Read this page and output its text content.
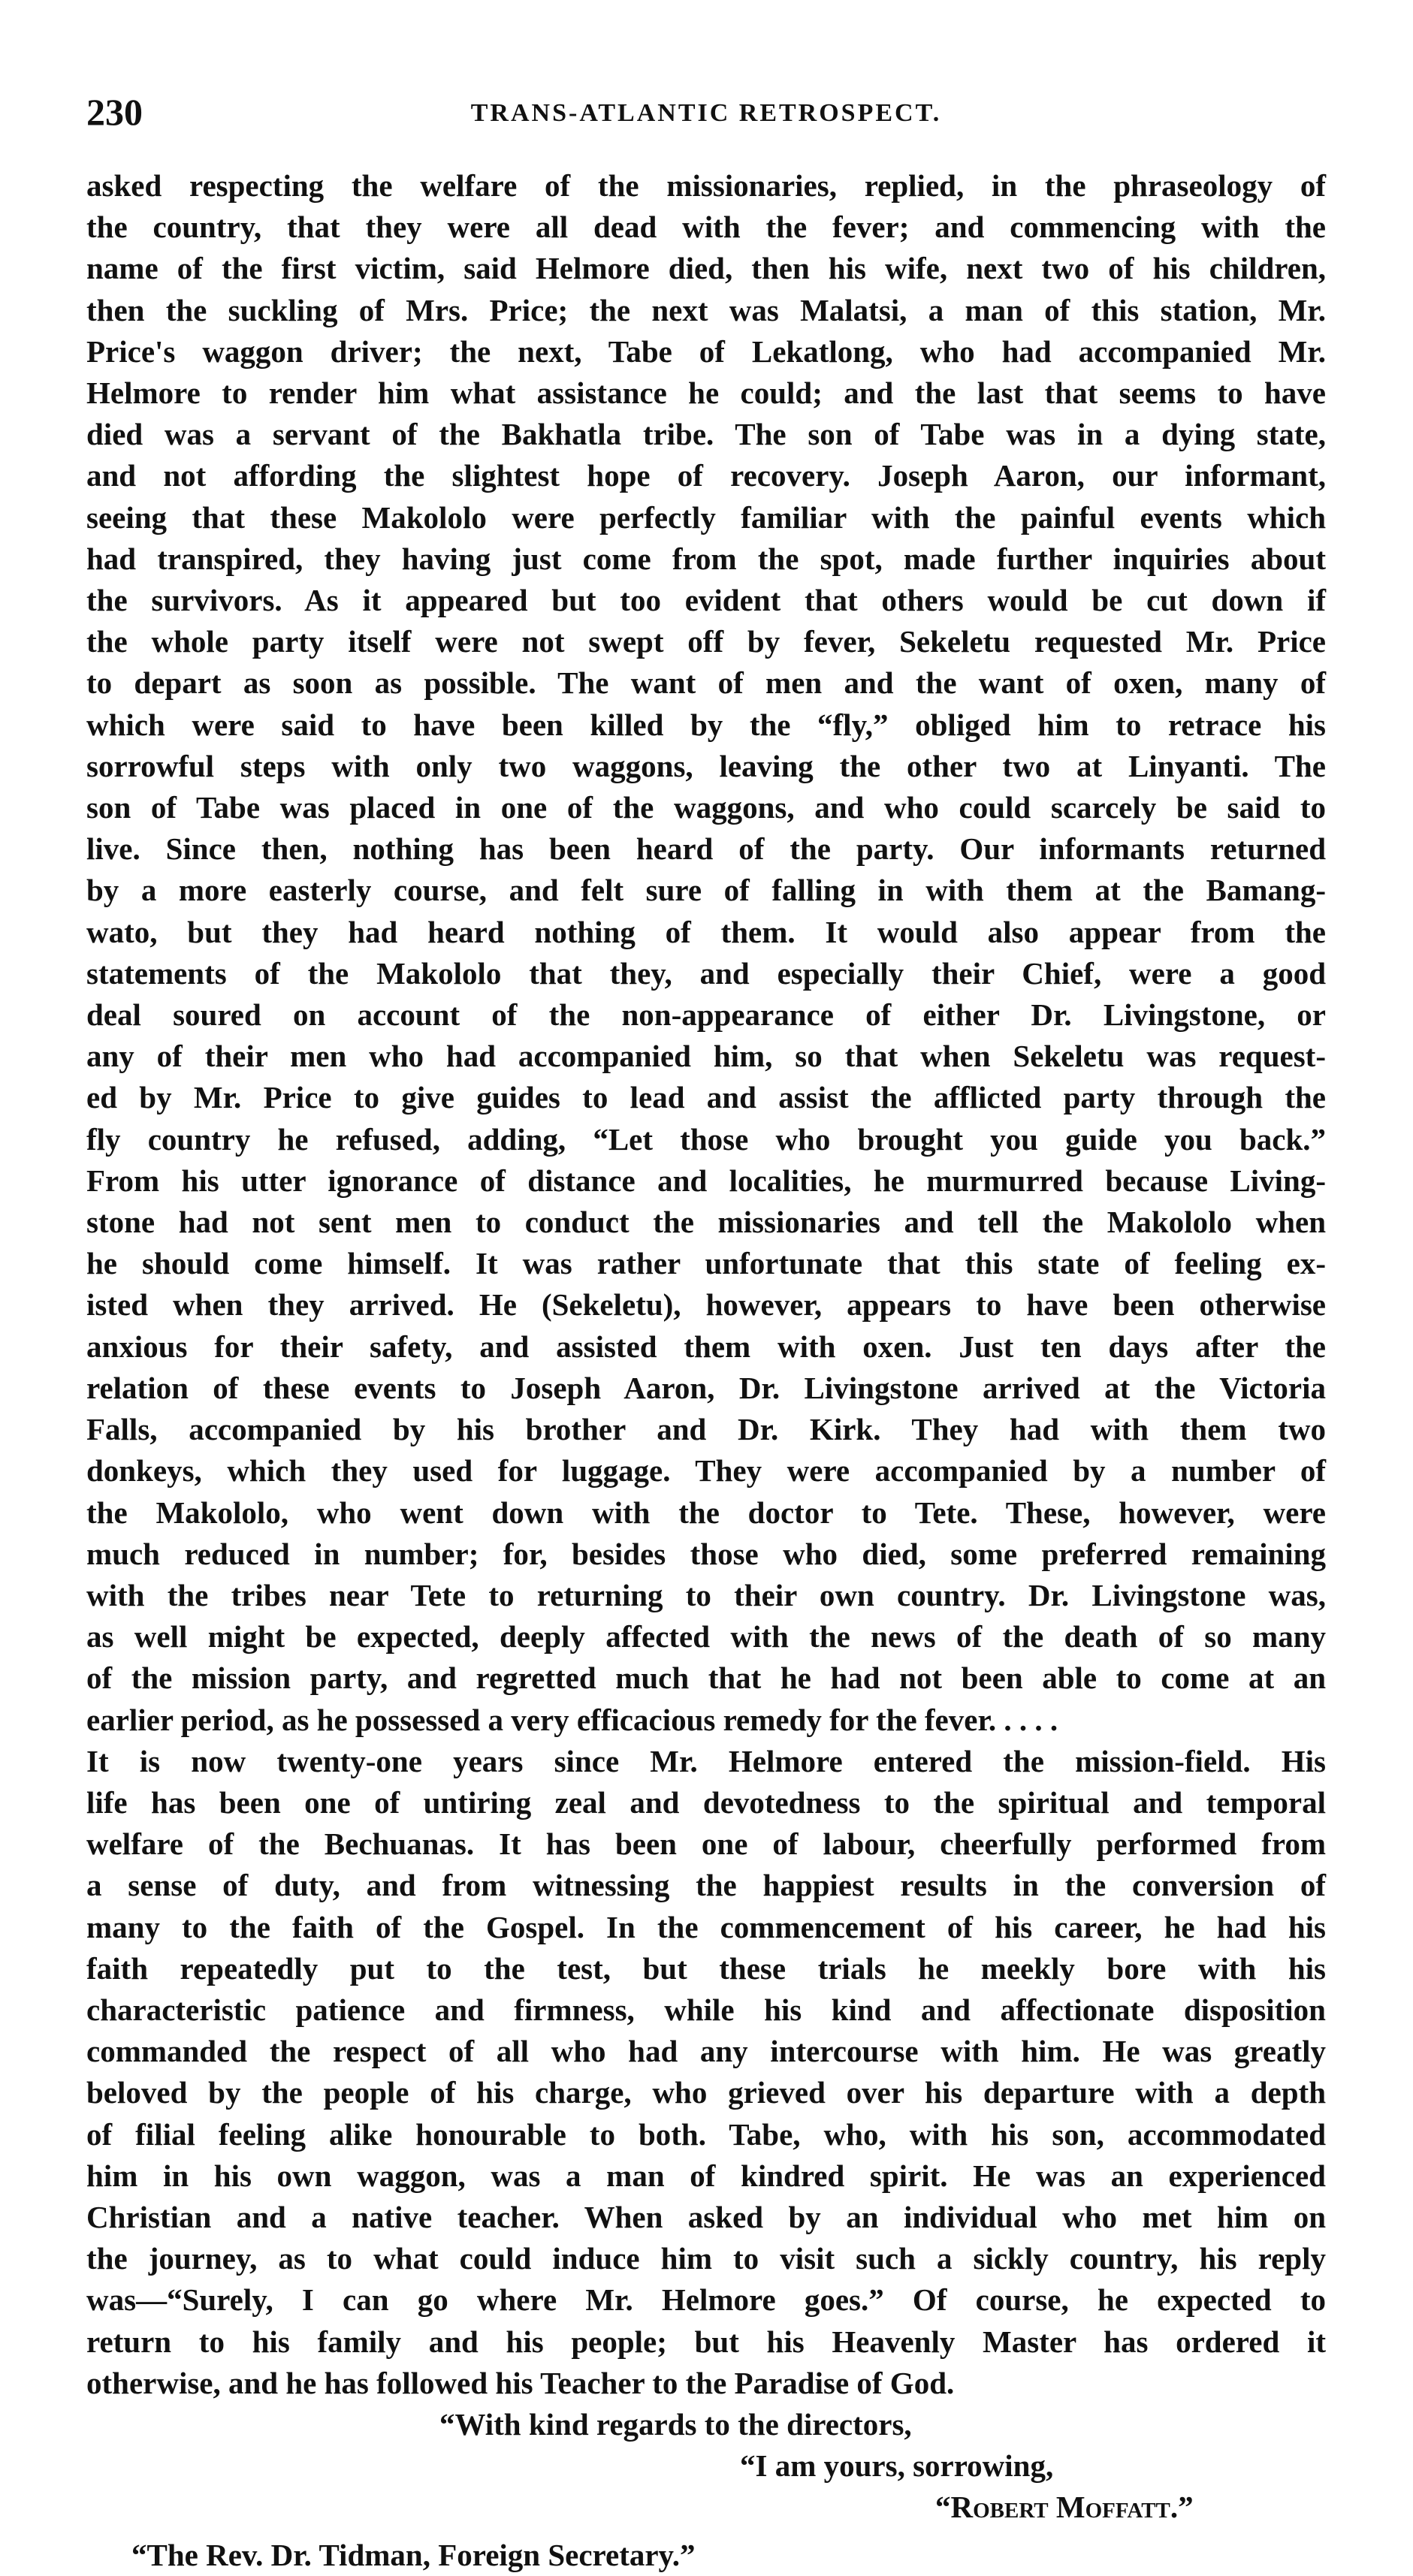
230	TRANS-ATLANTIC RETROSPECT.
asked respecting the welfare of the missionaries, replied, in the phraseology of
the country, that they were all dead with the fever; and commencing with the
name of the first victim, said Helmore died, then his wife, next two of his children,
then the suckling of Mrs. Price; the next was Malatsi, a man of this station, Mr.
Price's waggon driver; the next, Tabe of Lekatlong, who had accompanied Mr.
Helmore to render him what assistance he could; and the last that seems to have
died was a servant of the Bakhatla tribe. The son of Tabe was in a dying state,
and not affording the slightest hope of recovery. Joseph Aaron, our informant,
seeing that these Makololo were perfectly familiar with the painful events which
had transpired, they having just come from the spot, made further inquiries about
the survivors. As it appeared but too evident that others would be cut down if
the whole party itself were not swept off by fever, Sekeletu requested Mr. Price
to depart as soon as possible. The want of men and the want of oxen, many of
which were said to have been killed by the “fly,” obliged him to retrace his
sorrowful steps with only two waggons, leaving the other two at Linyanti. The
son of Tabe was placed in one of the waggons, and who could scarcely be said to
live. Since then, nothing has been heard of the party. Our informants returned
by a more easterly course, and felt sure of falling in with them at the Bamang-
wato, but they had heard nothing of them. It would also appear from the
statements of the Makololo that they, and especially their Chief, were a good
deal soured on account of the non-appearance of either Dr. Livingstone, or
any of their men who had accompanied him, so that when Sekeletu was request-
ed by Mr. Price to give guides to lead and assist the afflicted party through the
fly country he refused, adding, “Let those who brought you guide you back.”
From his utter ignorance of distance and localities, he murmurred because Living-
stone had not sent men to conduct the missionaries and tell the Makololo when
he should come himself. It was rather unfortunate that this state of feeling ex-
isted when they arrived. He (Sekeletu), however, appears to have been otherwise
anxious for their safety, and assisted them with oxen. Just ten days after the
relation of these events to Joseph Aaron, Dr. Livingstone arrived at the Victoria
Falls, accompanied by his brother and Dr. Kirk. They had with them two
donkeys, which they used for luggage. They were accompanied by a number of
the Makololo, who went down with the doctor to Tete. These, however, were
much reduced in number; for, besides those who died, some preferred remaining
with the tribes near Tete to returning to their own country. Dr. Livingstone was,
as well might be expected, deeply affected with the news of the death of so many
of the mission party, and regretted much that he had not been able to come at an
earlier period, as he possessed a very efficacious remedy for the fever. . . . .
It is now twenty-one years since Mr. Helmore entered the mission-field. His
life has been one of untiring zeal and devotedness to the spiritual and temporal
welfare of the Bechuanas. It has been one of labour, cheerfully performed from
a sense of duty, and from witnessing the happiest results in the conversion of
many to the faith of the Gospel. In the commencement of his career, he had his
faith repeatedly put to the test, but these trials he meekly bore with his
characteristic patience and firmness, while his kind and affectionate disposition
commanded the respect of all who had any intercourse with him. He was greatly
beloved by the people of his charge, who grieved over his departure with a depth
of filial feeling alike honourable to both. Tabe, who, with his son, accommodated
him in his own waggon, was a man of kindred spirit. He was an experienced
Christian and a native teacher. When asked by an individual who met him on
the journey, as to what could induce him to visit such a sickly country, his reply
was—“Surely, I can go where Mr. Helmore goes.” Of course, he expected to
return to his family and his people; but his Heavenly Master has ordered it
otherwise, and he has followed his Teacher to the Paradise of God.
“With kind regards to the directors,
“I am yours, sorrowing,
“Robert Moffatt.”
“The Rev. Dr. Tidman, Foreign Secretary.”
